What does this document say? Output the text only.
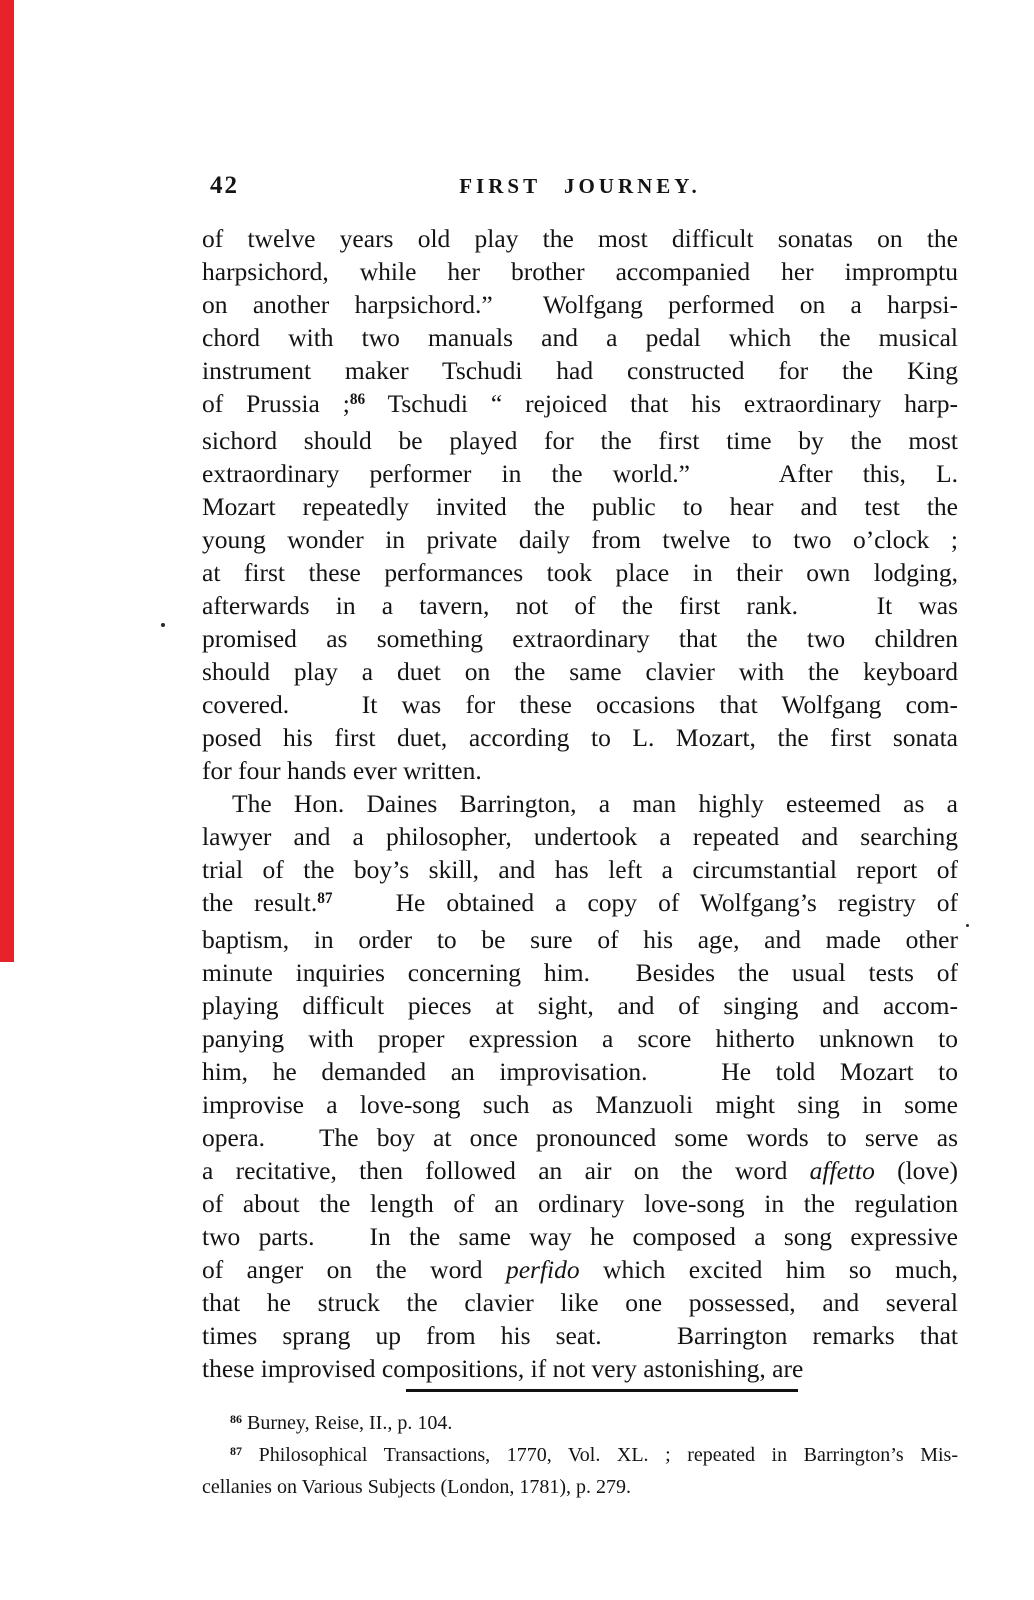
42	FIRST JOURNEY.
of twelve years old play the most difficult sonatas on the
harpsichord, while her brother accompanied her impromptu
on another harpsichord.”  Wolfgang performed on a harpsi-
chord with two manuals and a pedal which the musical
instrument maker Tschudi had constructed for the King
of Prussia ;$^{86}$ Tschudi “ rejoiced that his extraordinary harp-
sichord should be played for the first time by the most
extraordinary performer in the world.”   After this, L.
Mozart repeatedly invited the public to hear and test the
young wonder in private daily from twelve to two o’clock ;
at first these performances took place in their own lodging,
afterwards in a tavern, not of the first rank.   It was
promised as something extraordinary that the two children
should play a duet on the same clavier with the keyboard
covered.   It was for these occasions that Wolfgang com-
posed his first duet, according to L. Mozart, the first sonata
for four hands ever written.
The Hon. Daines Barrington, a man highly esteemed as a
lawyer and a philosopher, undertook a repeated and searching
trial of the boy’s skill, and has left a circumstantial report of
the result.$^{87}$   He obtained a copy of Wolfgang’s registry of
baptism, in order to be sure of his age, and made other
minute inquiries concerning him.  Besides the usual tests of
playing difficult pieces at sight, and of singing and accom-
panying with proper expression a score hitherto unknown to
him, he demanded an improvisation.   He told Mozart to
improvise a love-song such as Manzuoli might sing in some
opera.   The boy at once pronounced some words to serve as
a recitative, then followed an air on the word affetto (love)
of about the length of an ordinary love-song in the regulation
two parts.   In the same way he composed a song expressive
of anger on the word perfido which excited him so much,
that he struck the clavier like one possessed, and several
times sprang up from his seat.   Barrington remarks that
these improvised compositions, if not very astonishing, are
$^{86}$ Burney, Reise, II., p. 104.
$^{87}$ Philosophical Transactions, 1770, Vol. XL. ; repeated in Barrington’s Mis-
cellanies on Various Subjects (London, 1781), p. 279.
